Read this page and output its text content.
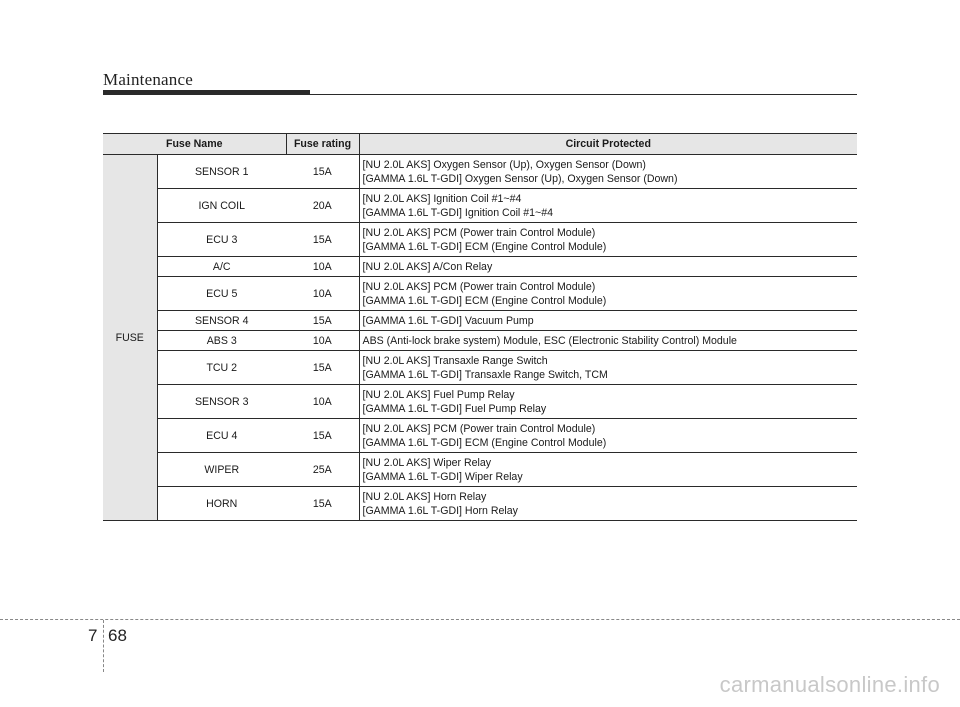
Maintenance
Fuse Name		Fuse rating	Circuit Protected
FUSE	SENSOR 1	15A	[NU 2.0L AKS] Oxygen Sensor (Up), Oxygen Sensor (Down)
[GAMMA 1.6L T-GDI] Oxygen Sensor (Up), Oxygen Sensor (Down)

	IGN COIL	20A	[NU 2.0L AKS] Ignition Coil #1~#4
[GAMMA 1.6L T-GDI] Ignition Coil #1~#4

	ECU 3	15A	[NU 2.0L AKS] PCM (Power train Control Module)
[GAMMA 1.6L T-GDI] ECM (Engine Control Module)

	A/C	10A	[NU 2.0L AKS] A/Con Relay

	ECU 5	10A	[NU 2.0L AKS] PCM (Power train Control Module)
[GAMMA 1.6L T-GDI] ECM (Engine Control Module)

	SENSOR 4	15A	[GAMMA 1.6L T-GDI] Vacuum Pump

	ABS 3	10A	ABS (Anti-lock brake system) Module, ESC (Electronic Stability Control) Module

	TCU 2	15A	[NU 2.0L AKS] Transaxle Range Switch
[GAMMA 1.6L T-GDI] Transaxle Range Switch, TCM

	SENSOR 3	10A	[NU 2.0L AKS] Fuel Pump Relay
[GAMMA 1.6L T-GDI] Fuel Pump Relay

	ECU 4	15A	[NU 2.0L AKS] PCM (Power train Control Module)
[GAMMA 1.6L T-GDI] ECM (Engine Control Module)

	WIPER	25A	[NU 2.0L AKS] Wiper Relay
[GAMMA 1.6L T-GDI] Wiper Relay

	HORN	15A	[NU 2.0L AKS] Horn Relay
[GAMMA 1.6L T-GDI] Horn Relay
7 68
carmanualsonline.info
